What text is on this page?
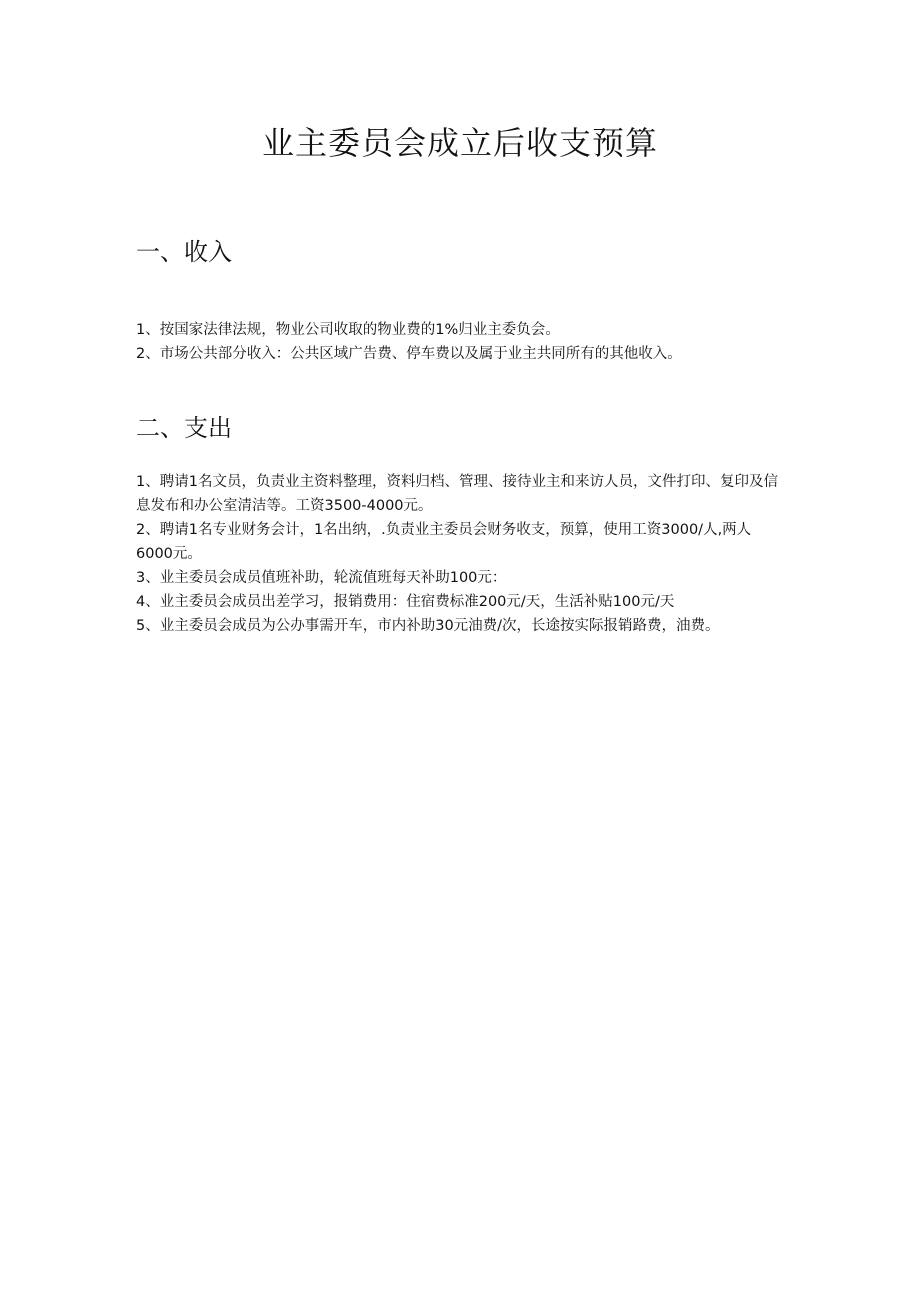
业主委员会成立后收支预算
一、收入
1、按国家法律法规，物业公司收取的物业费的1%归业主委负会。
2、市场公共部分收入：公共区域广告费、停车费以及属于业主共同所有的其他收入。
二、支出
1、聘请1名文员，负责业主资料整理，资料归档、管理、接待业主和来访人员，文件打印、复印及信息发布和办公室清洁等。工资3500-4000元。
2、聘请1名专业财务会计，1名出纳，.负责业主委员会财务收支，预算，使用工资3000/人,两人6000元。
3、业主委员会成员值班补助，轮流值班每天补助100元：
4、业主委员会成员出差学习，报销费用：住宿费标准200元/天，生活补贴100元/天
5、业主委员会成员为公办事需开车，市内补助30元油费/次，长途按实际报销路费，油费。
